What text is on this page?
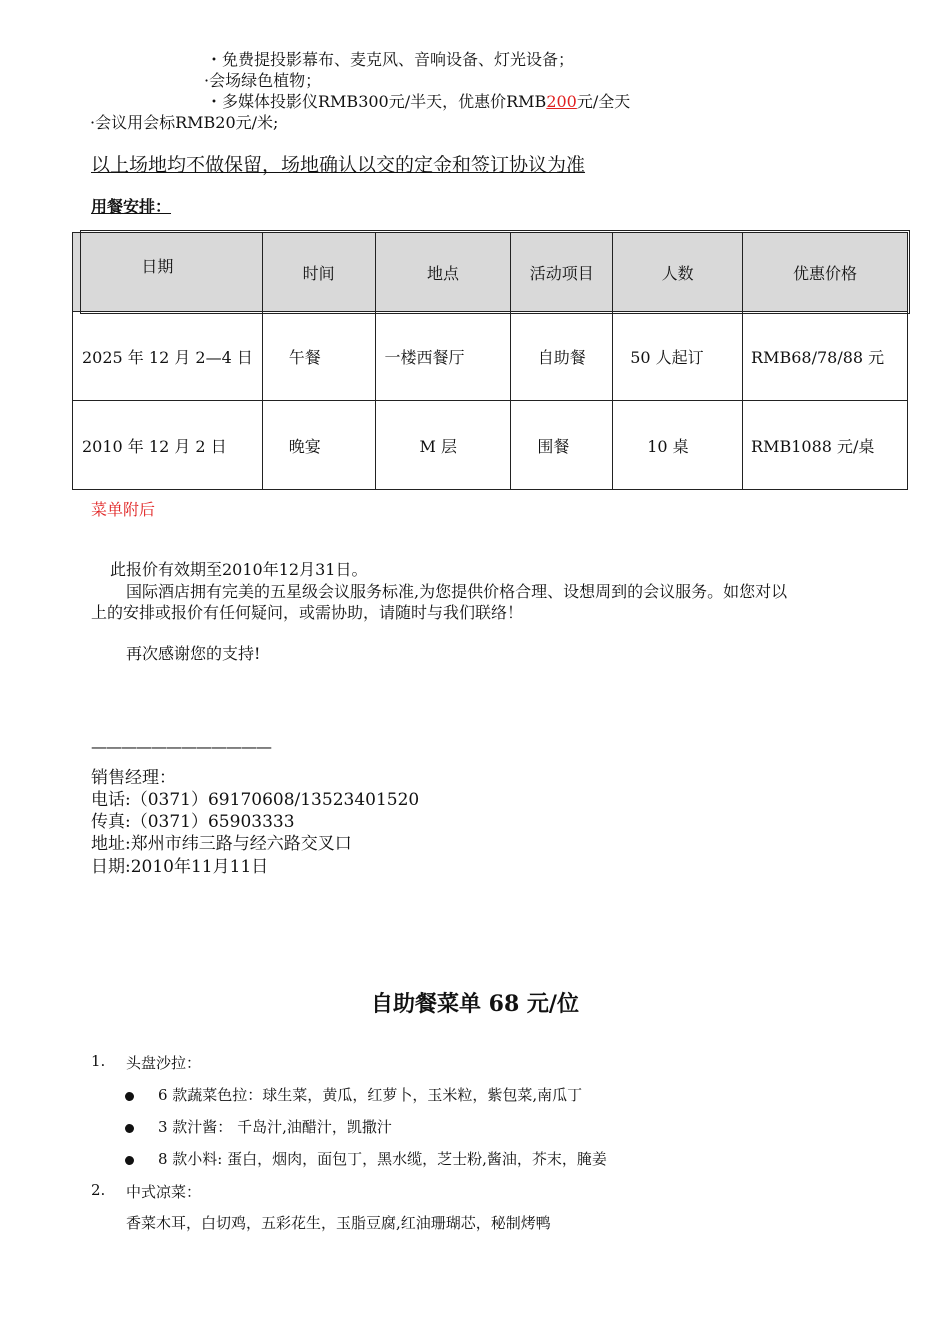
・免费提投影幕布、麦克风、音响设备、灯光设备；
·会场绿色植物；
・多媒体投影仪RMB300元/半天，优惠价RMB200元/全天
·会议用会标RMB20元/米;
以上场地均不做保留，场地确认以交的定金和签订协议为准
用餐安排：
日期	时间	地点	活动项目	人数	优惠价格
2025 年 12 月 2—4 日	午餐	一楼西餐厅	自助餐	50 人起订	RMB68/78/88 元
2010 年 12 月 2 日	晚宴	M 层	围餐	10 桌	RMB1088 元/桌
菜单附后
此报价有效期至2010年12月31日。
国际酒店拥有完美的五星级会议服务标准,为您提供价格合理、设想周到的会议服务。如您对以
上的安排或报价有任何疑问，或需协助，请随时与我们联络！
再次感谢您的支持!
————————————
销售经理：
电话:（0371）69170608/13523401520
传真:（0371）65903333
地址:郑州市纬三路与经六路交叉口
日期:2010年11月11日
自助餐菜单 68 元/位
1. 头盘沙拉：
6 款蔬菜色拉：球生菜，黄瓜，红萝卜，玉米粒，紫包菜,南瓜丁
3 款汁酱： 千岛汁,油醋汁，凯撒汁
8 款小料: 蛋白，烟肉，面包丁，黑水缆，芝士粉,酱油，芥末，腌姜
2. 中式凉菜：
香菜木耳，白切鸡，五彩花生，玉脂豆腐,红油珊瑚芯，秘制烤鸭
